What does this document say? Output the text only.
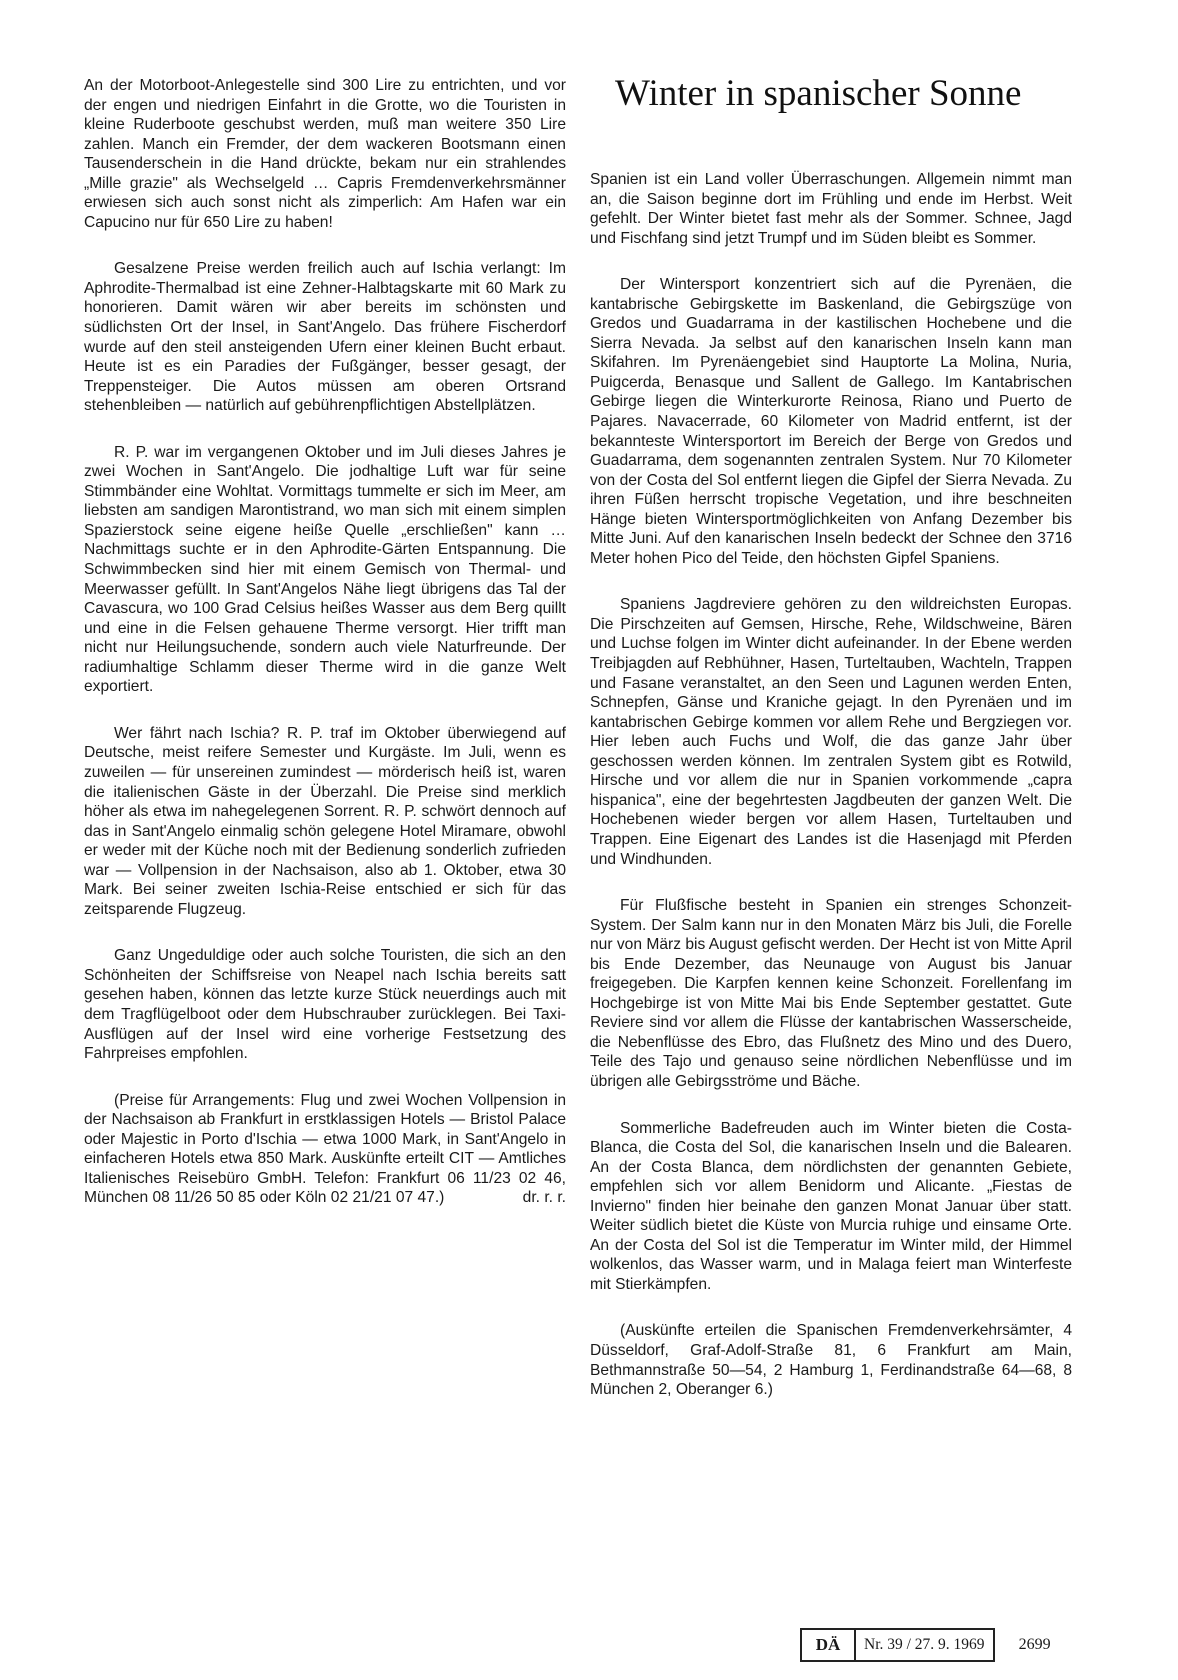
An der Motorboot-Anlegestelle sind 300 Lire zu entrichten, und vor der engen und niedrigen Einfahrt in die Grotte, wo die Touristen in kleine Ruderboote geschubst werden, muß man weitere 350 Lire zahlen. Manch ein Fremder, der dem wackeren Bootsmann einen Tausenderschein in die Hand drückte, bekam nur ein strahlendes „Mille grazie" als Wechselgeld … Capris Fremdenverkehrsmänner erwiesen sich auch sonst nicht als zimperlich: Am Hafen war ein Capucino nur für 650 Lire zu haben!

Gesalzene Preise werden freilich auch auf Ischia verlangt: Im Aphrodite-Thermalbad ist eine Zehner-Halbtagskarte mit 60 Mark zu honorieren. Damit wären wir aber bereits im schönsten und südlichsten Ort der Insel, in Sant'Angelo. Das frühere Fischerdorf wurde auf den steil ansteigenden Ufern einer kleinen Bucht erbaut. Heute ist es ein Paradies der Fußgänger, besser gesagt, der Treppensteiger. Die Autos müssen am oberen Ortsrand stehenbleiben — natürlich auf gebührenpflichtigen Abstellplätzen.

R. P. war im vergangenen Oktober und im Juli dieses Jahres je zwei Wochen in Sant'Angelo. Die jodhaltige Luft war für seine Stimmbänder eine Wohltat. Vormittags tummelte er sich im Meer, am liebsten am sandigen Marontistrand, wo man sich mit einem simplen Spazierstock seine eigene heiße Quelle „erschließen" kann … Nachmittags suchte er in den Aphrodite-Gärten Entspannung. Die Schwimmbecken sind hier mit einem Gemisch von Thermal- und Meerwasser gefüllt. In Sant'Angelos Nähe liegt übrigens das Tal der Cavascura, wo 100 Grad Celsius heißes Wasser aus dem Berg quillt und eine in die Felsen gehauene Therme versorgt. Hier trifft man nicht nur Heilungsuchende, sondern auch viele Naturfreunde. Der radiumhaltige Schlamm dieser Therme wird in die ganze Welt exportiert.

Wer fährt nach Ischia? R. P. traf im Oktober überwiegend auf Deutsche, meist reifere Semester und Kurgäste. Im Juli, wenn es zuweilen — für unsereinen zumindest — mörderisch heiß ist, waren die italienischen Gäste in der Überzahl. Die Preise sind merklich höher als etwa im nahegelegenen Sorrent. R. P. schwört dennoch auf das in Sant'Angelo einmalig schön gelegene Hotel Miramare, obwohl er weder mit der Küche noch mit der Bedienung sonderlich zufrieden war — Vollpension in der Nachsaison, also ab 1. Oktober, etwa 30 Mark. Bei seiner zweiten Ischia-Reise entschied er sich für das zeitsparende Flugzeug.

Ganz Ungeduldige oder auch solche Touristen, die sich an den Schönheiten der Schiffsreise von Neapel nach Ischia bereits satt gesehen haben, können das letzte kurze Stück neuerdings auch mit dem Tragflügelboot oder dem Hubschrauber zurücklegen. Bei Taxi-Ausflügen auf der Insel wird eine vorherige Festsetzung des Fahrpreises empfohlen.

(Preise für Arrangements: Flug und zwei Wochen Vollpension in der Nachsaison ab Frankfurt in erstklassigen Hotels — Bristol Palace oder Majestic in Porto d'Ischia — etwa 1000 Mark, in Sant'Angelo in einfacheren Hotels etwa 850 Mark. Auskünfte erteilt CIT — Amtliches Italienisches Reisebüro GmbH. Telefon: Frankfurt 06 11/23 02 46, München 08 11/26 50 85 oder Köln 02 21/21 07 47.)	dr. r. r.
Winter in spanischer Sonne

Spanien ist ein Land voller Überraschungen. Allgemein nimmt man an, die Saison beginne dort im Frühling und ende im Herbst. Weit gefehlt. Der Winter bietet fast mehr als der Sommer. Schnee, Jagd und Fischfang sind jetzt Trumpf und im Süden bleibt es Sommer.

Der Wintersport konzentriert sich auf die Pyrenäen, die kantabrische Gebirgskette im Baskenland, die Gebirgszüge von Gredos und Guadarrama in der kastilischen Hochebene und die Sierra Nevada. Ja selbst auf den kanarischen Inseln kann man Skifahren. Im Pyrenäengebiet sind Hauptorte La Molina, Nuria, Puigcerda, Benasque und Sallent de Gallego. Im Kantabrischen Gebirge liegen die Winterkurorte Reinosa, Riano und Puerto de Pajares. Navacerrade, 60 Kilometer von Madrid entfernt, ist der bekannteste Wintersportort im Bereich der Berge von Gredos und Guadarrama, dem sogenannten zentralen System. Nur 70 Kilometer von der Costa del Sol entfernt liegen die Gipfel der Sierra Nevada. Zu ihren Füßen herrscht tropische Vegetation, und ihre beschneiten Hänge bieten Wintersportmöglichkeiten von Anfang Dezember bis Mitte Juni. Auf den kanarischen Inseln bedeckt der Schnee den 3716 Meter hohen Pico del Teide, den höchsten Gipfel Spaniens.

Spaniens Jagdreviere gehören zu den wildreichsten Europas. Die Pirschzeiten auf Gemsen, Hirsche, Rehe, Wildschweine, Bären und Luchse folgen im Winter dicht aufeinander. In der Ebene werden Treibjagden auf Rebhühner, Hasen, Turteltauben, Wachteln, Trappen und Fasane veranstaltet, an den Seen und Lagunen werden Enten, Schnepfen, Gänse und Kraniche gejagt. In den Pyrenäen und im kantabrischen Gebirge kommen vor allem Rehe und Bergziegen vor. Hier leben auch Fuchs und Wolf, die das ganze Jahr über geschossen werden können. Im zentralen System gibt es Rotwild, Hirsche und vor allem die nur in Spanien vorkommende „capra hispanica", eine der begehrtesten Jagdbeuten der ganzen Welt. Die Hochebenen wieder bergen vor allem Hasen, Turteltauben und Trappen. Eine Eigenart des Landes ist die Hasenjagd mit Pferden und Windhunden.

Für Flußfische besteht in Spanien ein strenges Schonzeit-System. Der Salm kann nur in den Monaten März bis Juli, die Forelle nur von März bis August gefischt werden. Der Hecht ist von Mitte April bis Ende Dezember, das Neunauge von August bis Januar freigegeben. Die Karpfen kennen keine Schonzeit. Forellenfang im Hochgebirge ist von Mitte Mai bis Ende September gestattet. Gute Reviere sind vor allem die Flüsse der kantabrischen Wasserscheide, die Nebenflüsse des Ebro, das Flußnetz des Mino und des Duero, Teile des Tajo und genauso seine nördlichen Nebenflüsse und im übrigen alle Gebirgsströme und Bäche.

Sommerliche Badefreuden auch im Winter bieten die Costa-Blanca, die Costa del Sol, die kanarischen Inseln und die Balearen. An der Costa Blanca, dem nördlichsten der genannten Gebiete, empfehlen sich vor allem Benidorm und Alicante. „Fiestas de Invierno" finden hier beinahe den ganzen Monat Januar über statt. Weiter südlich bietet die Küste von Murcia ruhige und einsame Orte. An der Costa del Sol ist die Temperatur im Winter mild, der Himmel wolkenlos, das Wasser warm, und in Malaga feiert man Winterfeste mit Stierkämpfen.

(Auskünfte erteilen die Spanischen Fremdenverkehrsämter, 4 Düsseldorf, Graf-Adolf-Straße 81, 6 Frankfurt am Main, Bethmannstraße 50—54, 2 Hamburg 1, Ferdinandstraße 64—68, 8 München 2, Oberanger 6.)

DÄ	Nr. 39 / 27. 9. 1969	2699
